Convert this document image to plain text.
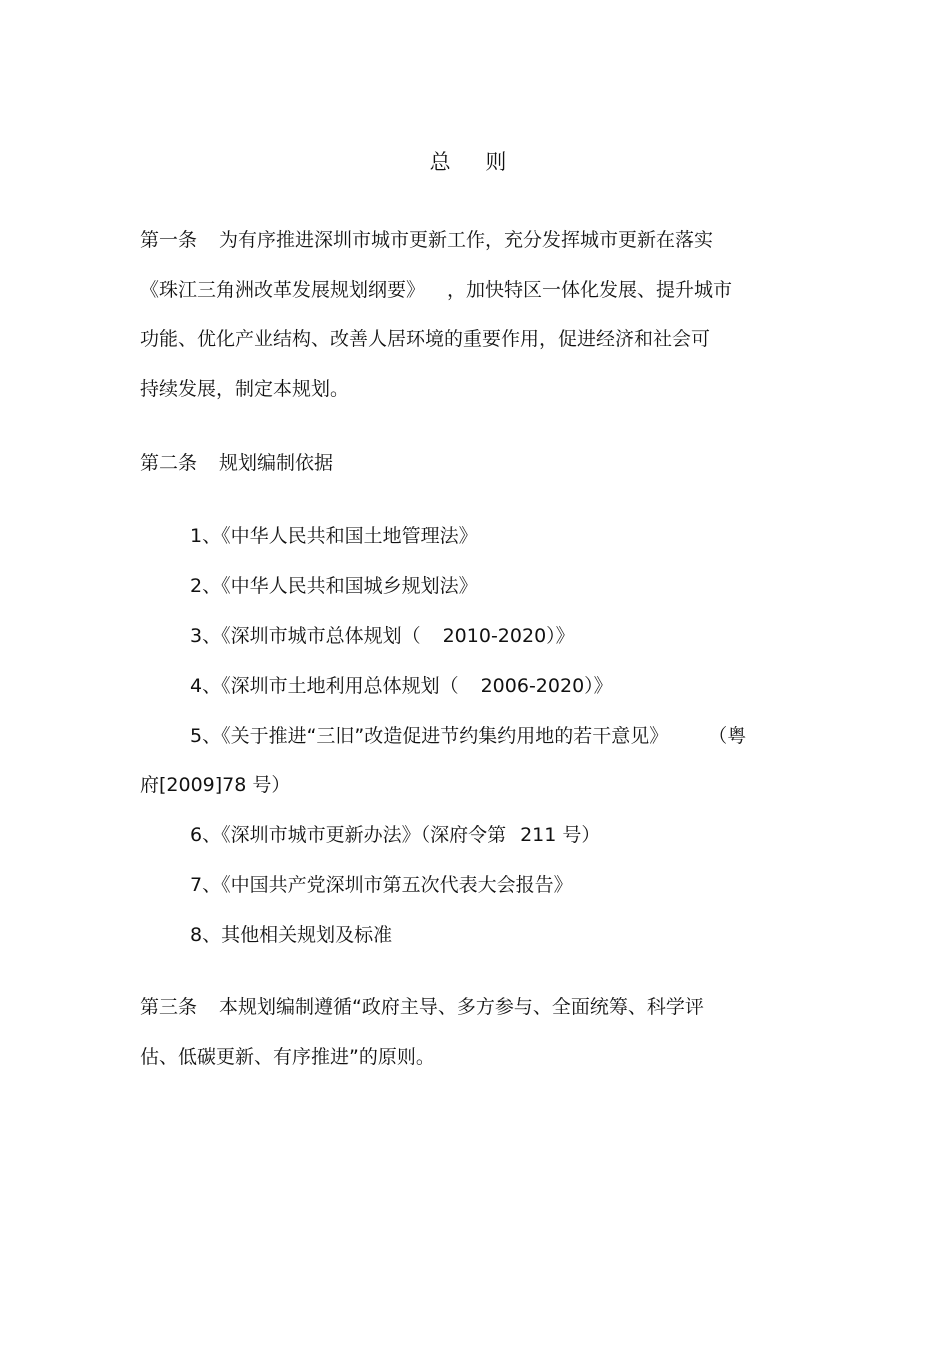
总 则

第一条 为有序推进深圳市城市更新工作，充分发挥城市更新在落实

《珠江三角洲改革发展规划纲要》 ，加快特区一体化发展、提升城市

功能、优化产业结构、改善人居环境的重要作用，促进经济和社会可

持续发展，制定本规划。

第二条 规划编制依据

1、《中华人民共和国土地管理法》

2、《中华人民共和国城乡规划法》

3、《深圳市城市总体规划（ 2010-2020）》

4、《深圳市土地利用总体规划（ 2006-2020）》

5、《关于推进“三旧”改造促进节约集约用地的若干意见》 （粤

府[2009]78 号）

6、《深圳市城市更新办法》（深府令第 211 号）

7、《中国共产党深圳市第五次代表大会报告》

8、其他相关规划及标准

第三条 本规划编制遵循“政府主导、多方参与、全面统筹、科学评

估、低碳更新、有序推进”的原则。
